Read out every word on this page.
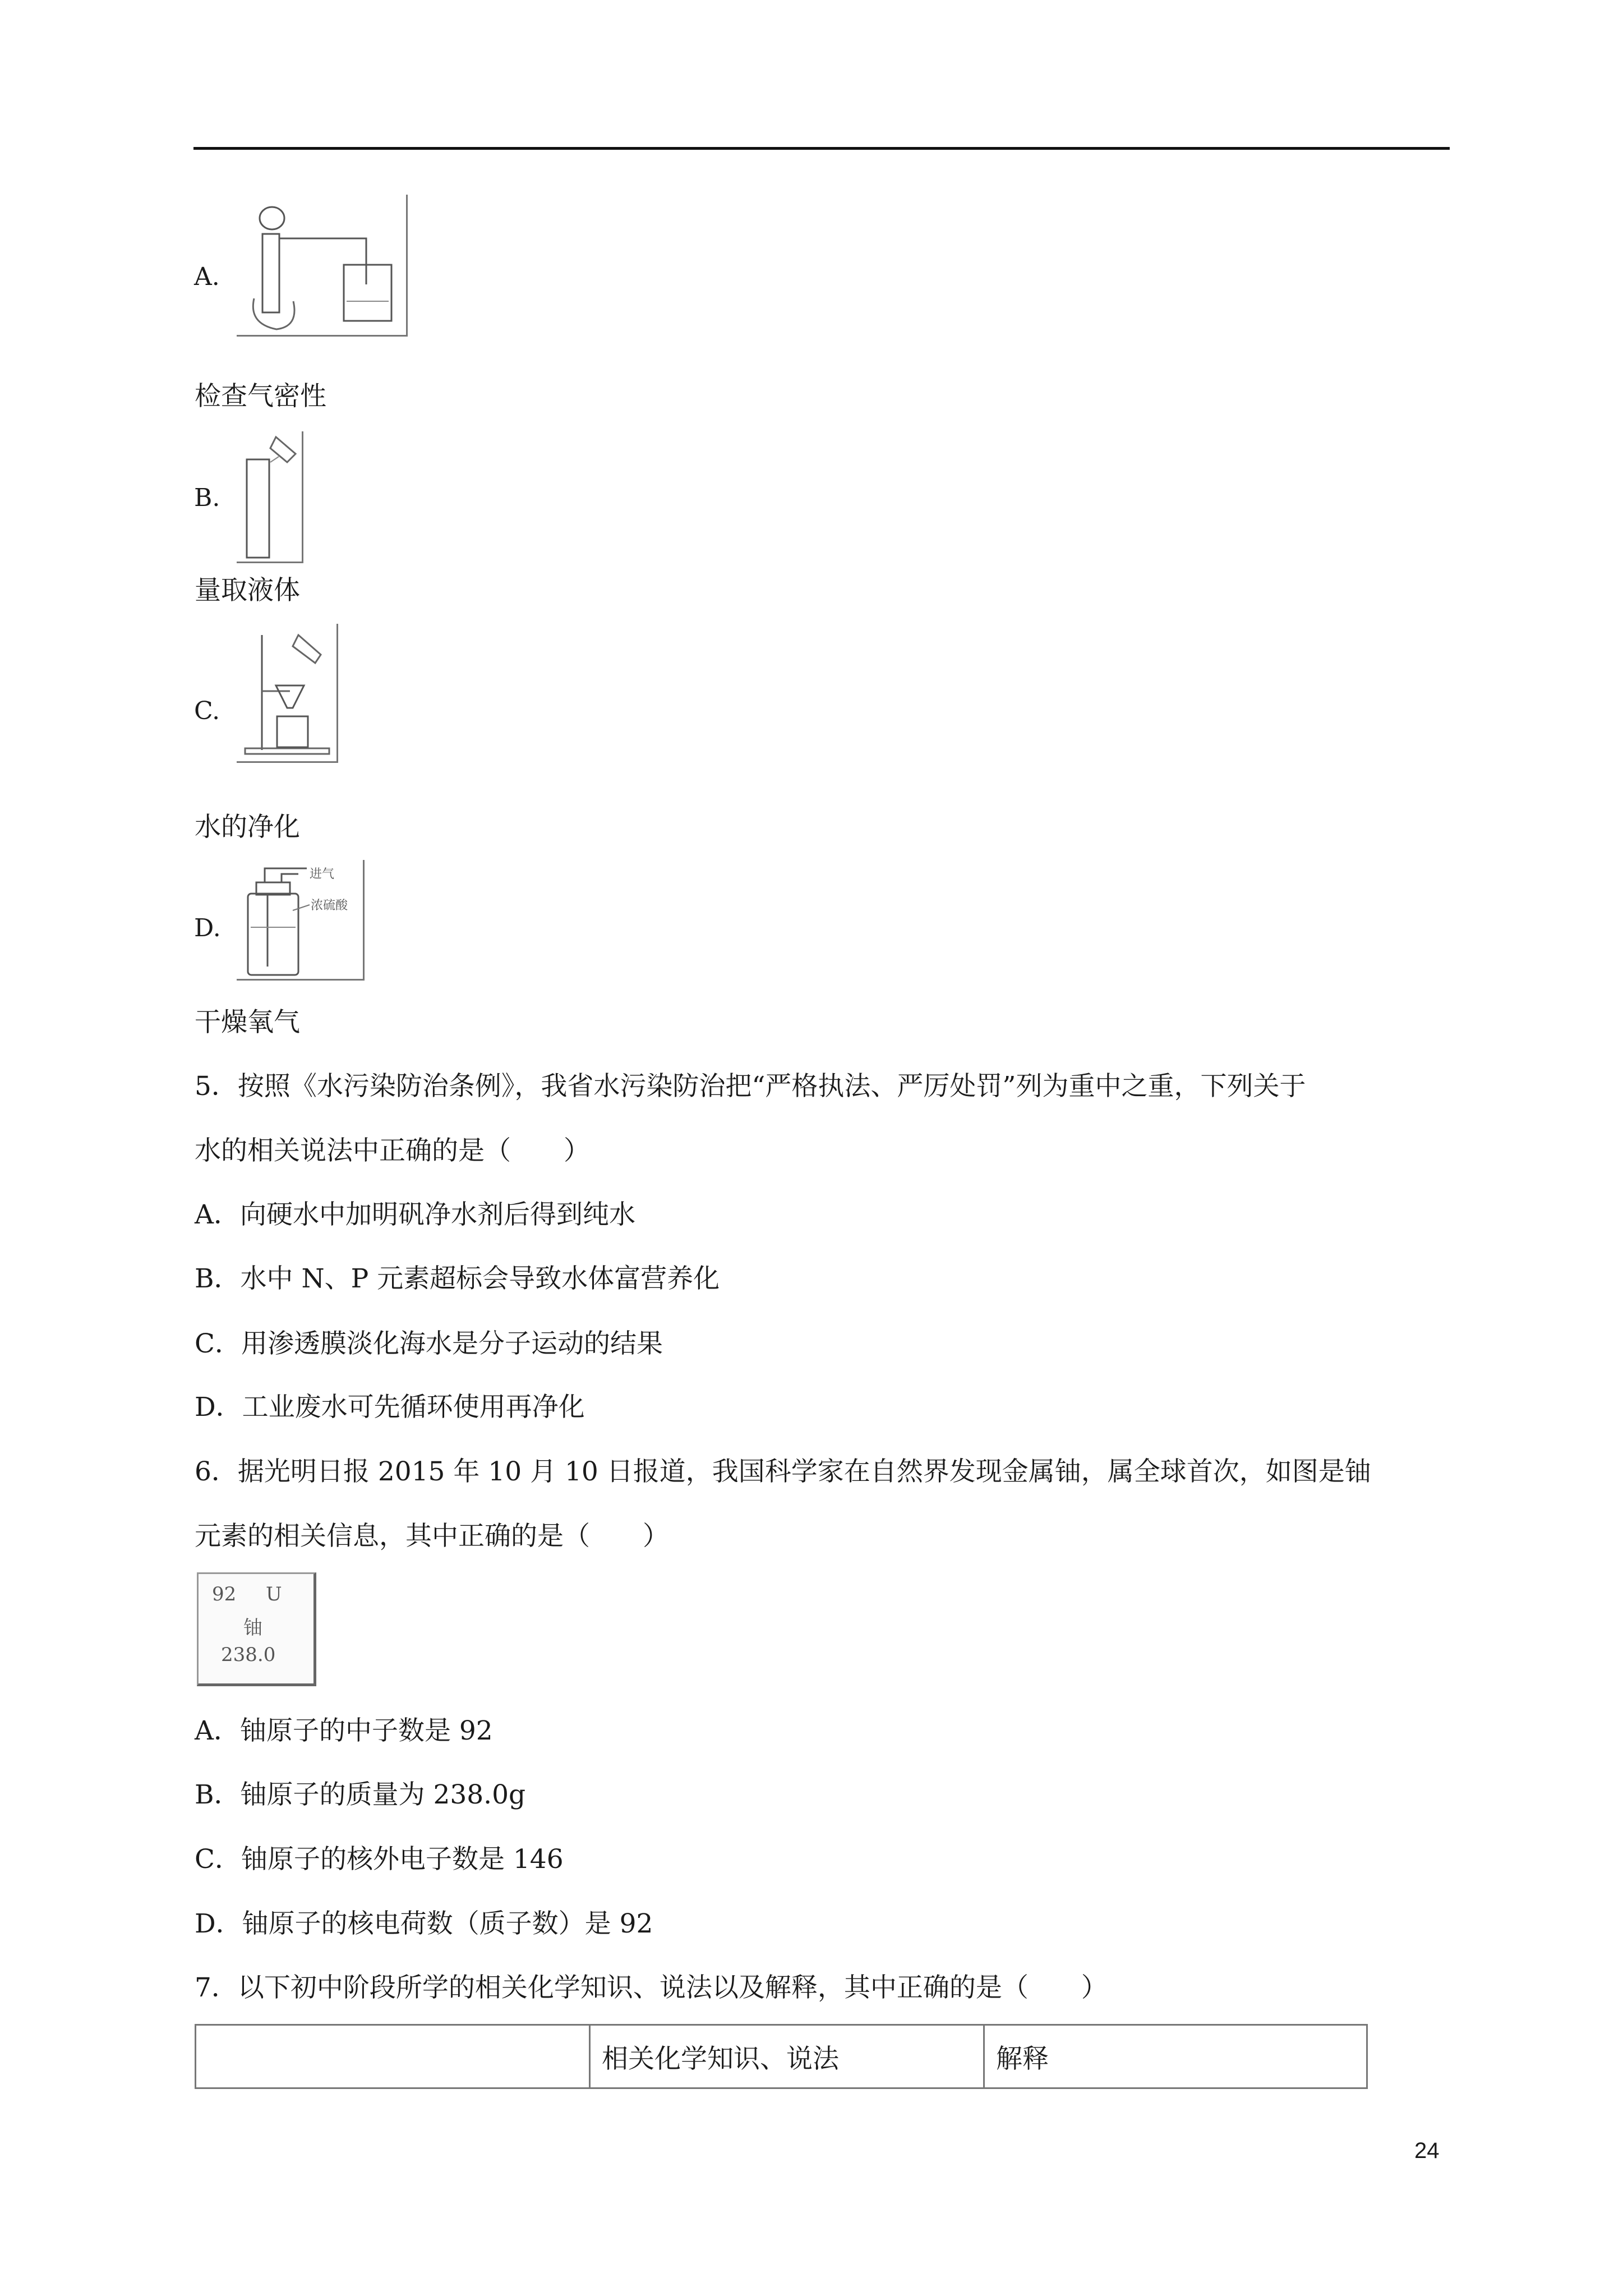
A.
检查气密性
B.
量取液体
C.
水的净化
D.
进气
浓硫酸
干燥氧气
5．按照《水污染防治条例》，我省水污染防治把“严格执法、严厉处罚”列为重中之重，下列关于
水的相关说法中正确的是（　　）
A．向硬水中加明矾净水剂后得到纯水
B．水中 N、P 元素超标会导致水体富营养化
C．用渗透膜淡化海水是分子运动的结果
D．工业废水可先循环使用再净化
6．据光明日报 2015 年 10 月 10 日报道，我国科学家在自然界发现金属铀，属全球首次，如图是铀
元素的相关信息，其中正确的是（　　）
92 U
铀
238.0
A．铀原子的中子数是 92
B．铀原子的质量为 238.0g
C．铀原子的核外电子数是 146
D．铀原子的核电荷数（质子数）是 92
7．以下初中阶段所学的相关化学知识、说法以及解释，其中正确的是（　　）
	相关化学知识、说法	解释
24
